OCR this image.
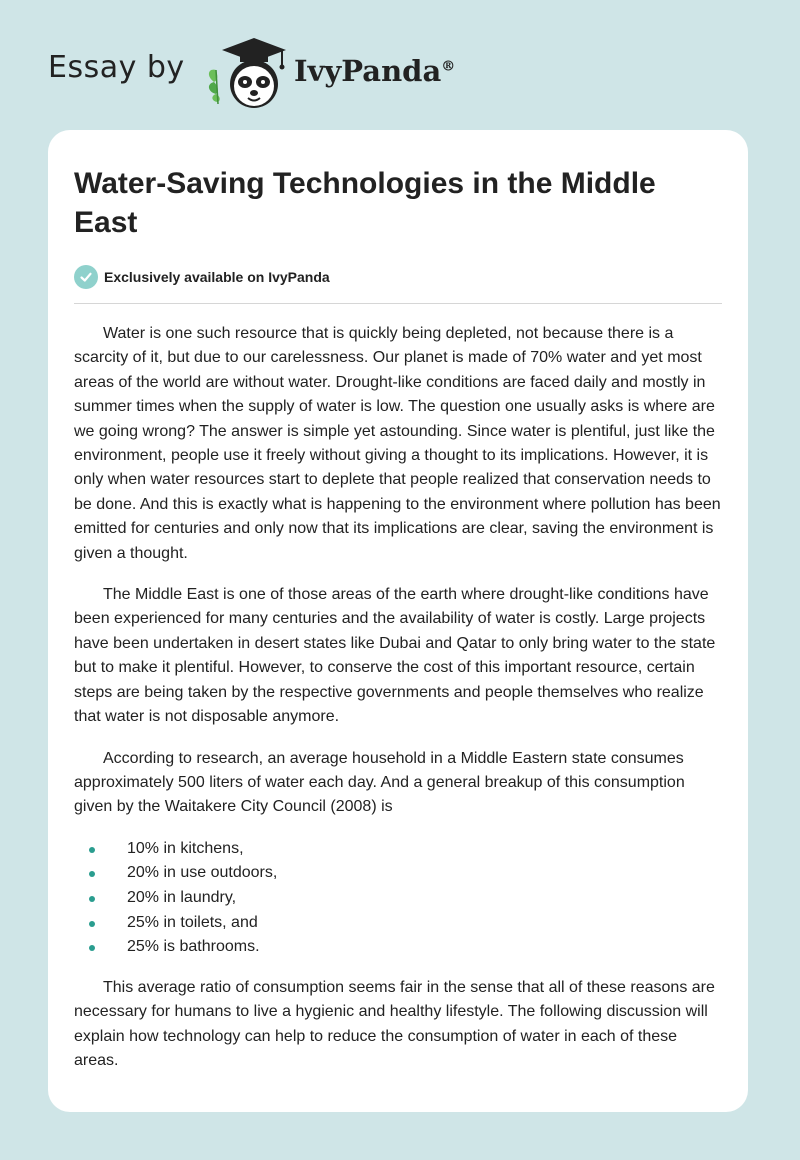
Essay by	IvyPanda®
Water-Saving Technologies in the Middle East
Exclusively available on IvyPanda

Water is one such resource that is quickly being depleted, not because there is a scarcity of it, but due to our carelessness. Our planet is made of 70% water and yet most areas of the world are without water. Drought-like conditions are faced daily and mostly in summer times when the supply of water is low. The question one usually asks is where are we going wrong? The answer is simple yet astounding. Since water is plentiful, just like the environment, people use it freely without giving a thought to its implications. However, it is only when water resources start to deplete that people realized that conservation needs to be done. And this is exactly what is happening to the environment where pollution has been emitted for centuries and only now that its implications are clear, saving the environment is given a thought.

The Middle East is one of those areas of the earth where drought-like conditions have been experienced for many centuries and the availability of water is costly. Large projects have been undertaken in desert states like Dubai and Qatar to only bring water to the state but to make it plentiful. However, to conserve the cost of this important resource, certain steps are being taken by the respective governments and people themselves who realize that water is not disposable anymore.

According to research, an average household in a Middle Eastern state consumes approximately 500 liters of water each day. And a general breakup of this consumption given by the Waitakere City Council (2008) is

10% in kitchens,
20% in use outdoors,
20% in laundry,
25% in toilets, and
25% is bathrooms.

This average ratio of consumption seems fair in the sense that all of these reasons are necessary for humans to live a hygienic and healthy lifestyle. The following discussion will explain how technology can help to reduce the consumption of water in each of these areas.
